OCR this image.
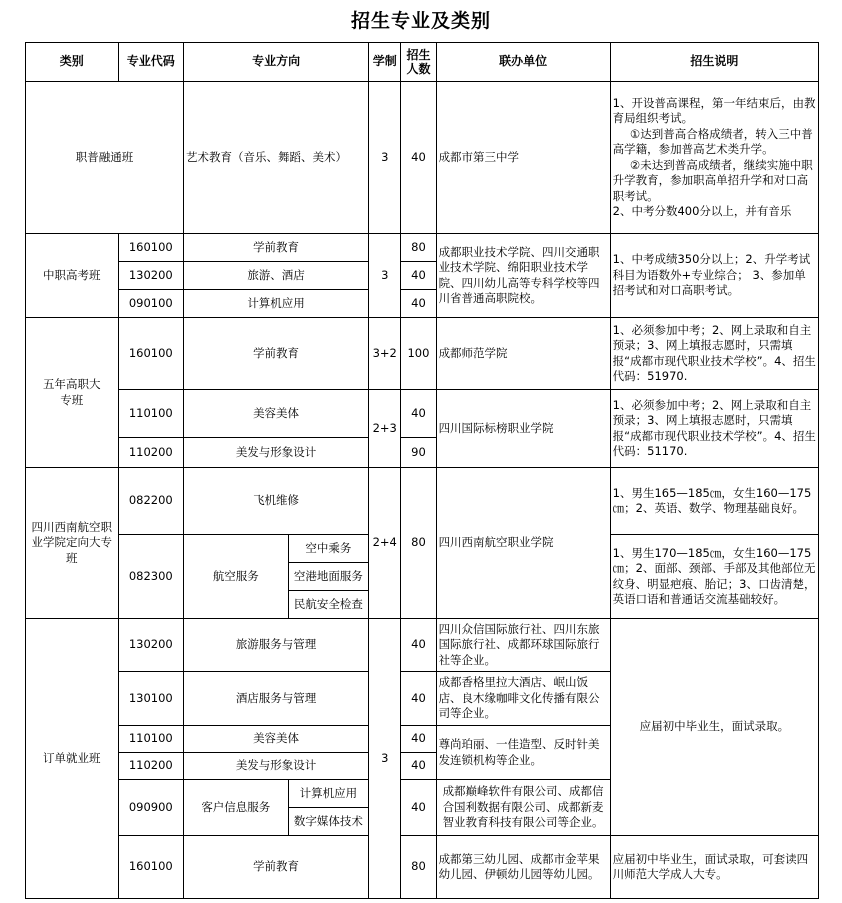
招生专业及类别
类别	专业代码	专业方向		学制	招生人数	联办单位	招生说明
职普融通班		艺术教育（音乐、舞蹈、美术）		3	40	成都市第三中学	1、开设普高课程，第一年结束后，由教育局组织考试。
①达到普高合格成绩者，转入三中普高学籍，参加普高艺术类升学。
②未达到普高成绩者，继续实施中职升学教育，参加职高单招升学和对口高职考试。
2、中考分数400分以上，并有音乐

中职高考班	160100	学前教育		3	80	成都职业技术学院、四川交通职业技术学院、绵阳职业技术学院、四川幼儿高等专科学校等四川省普通高职院校。	1、中考成绩350分以上；2、升学考试科目为语数外+专业综合； 3、参加单招考试和对口高职考试。
	130200	旅游、酒店			40		
	090100	计算机应用			40		
五年高职大专班	160100	学前教育		3+2	100	成都师范学院	1、必须参加中考；2、网上录取和自主预录；3、网上填报志愿时，只需填报“成都市现代职业技术学校”。4、招生代码：51970.
	110100	美容美体		2+3	40	四川国际标榜职业学院	1、必须参加中考；2、网上录取和自主预录；3、网上填报志愿时，只需填报“成都市现代职业技术学校”。4、招生代码：51170.
	110200	美发与形象设计			90		
四川西南航空职业学院定向大专班	082200	飞机维修		2+4	80	四川西南航空职业学院	1、男生165—185㎝，女生160—175㎝；2、英语、数学、物理基础良好。
	082300	航空服务	空中乘务				1、男生170—185㎝，女生160—175㎝；2、面部、颈部、手部及其他部位无纹身、明显疤痕、胎记；3、口齿清楚，英语口语和普通话交流基础较好。
			空港地面服务				
			民航安全检查				
订单就业班	130200	旅游服务与管理		3	40	四川众信国际旅行社、四川东旅国际旅行社、成都环球国际旅行社等企业。	应届初中毕业生，面试录取。
	130100	酒店服务与管理			40	成都香格里拉大酒店、岷山饭店、良木缘咖啡文化传播有限公司等企业。	
	110100	美容美体			40	尊尚珀丽、一佳造型、反时针美发连锁机构等企业。	
	110200	美发与形象设计			40		
	090900	客户信息服务	计算机应用		40	成都巅峰软件有限公司、成都信合国利数据有限公司、成都新麦智业教育科技有限公司等企业。	
			数字媒体技术				
	160100	学前教育			80	成都第三幼儿园、成都市金苹果幼儿园、伊顿幼儿园等幼儿园。	应届初中毕业生，面试录取，可套读四川师范大学成人大专。
